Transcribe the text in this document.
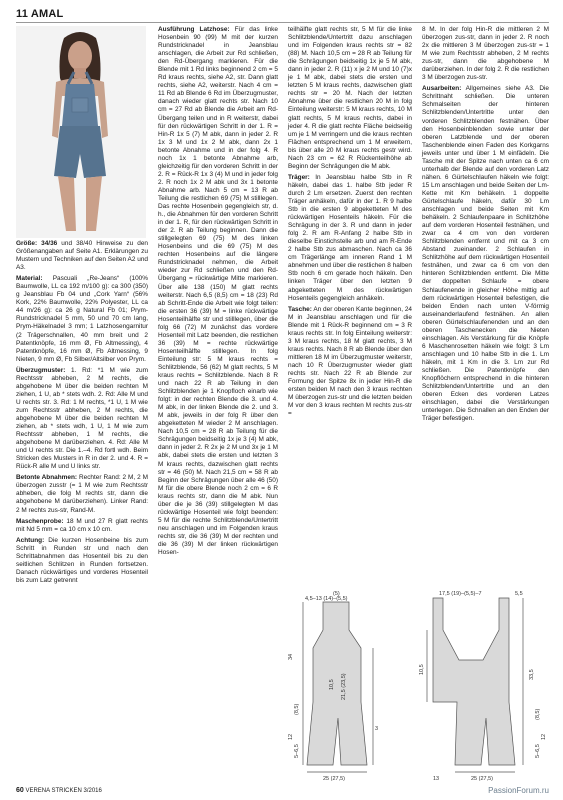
11 AMAL

Größe: 34/36 und 38/40 Hinweise zu den Größenangaben auf Seite A1. Erklärungen zu Mustern und Techniken auf den Seiten A2 und A3.

Material: Pascuali „Re-Jeans“ (100% Baumwolle, LL ca 192 m/100 g): ca 300 (350) g Jeansblau Fb 04 und „Cork Yarn“ (56% Kork, 22% Baumwolle, 22% Polyester, LL ca 44 m/26 g): ca 26 g Natural Fb 01; Prym-Rundstricknadel 5 mm, 50 und 70 cm lang, Prym-Häkelnadel 3 mm; 1 Latzhosengarnitur (2 Trägerschnallen, 40 mm breit und 2 Patentknöpfe, 16 mm Ø, Fb Altmessing), 4 Patentknöpfe, 16 mm Ø, Fb Altmessing, 9 Nieten, 9 mm Ø, Fb Silber/Altsilber von Prym.

Überzugmuster: 1. Rd: *1 M wie zum Rechtsstr abheben, 2 M rechts, die abgehobene M über die beiden rechten M ziehen, 1 U, ab * stets wdh. 2. Rd: Alle M und U rechts str. 3. Rd: 1 M rechts, *1 U, 1 M wie zum Rechtsstr abheben, 2 M rechts, die abgehobene M über die beiden rechten M ziehen, ab * stets wdh, 1 U, 1 M wie zum Rechtsstr abheben, 1 M rechts, die abgehobene M darüberziehen. 4. Rd: Alle M und U rechts str. Die 1.–4. Rd fortl wdh. Beim Stricken des Musters in R in der 2. und 4. R = Rück-R alle M und U links str.

Betonte Abnahmen: Rechter Rand: 2 M, 2 M überzogen zusstr (= 1 M wie zum Rechtsstr abheben, die folg M rechts str, dann die abgehobene M darüberziehen). Linker Rand: 2 M rechts zus-str, Rand-M.

Maschenprobe: 18 M und 27 R glatt rechts mit Nd 5 mm = ca 10 cm x 10 cm.

Achtung: Die kurzen Hosenbeine bis zum Schritt in Runden str und nach den Schrittabnahmen das Hosenteil bis zu den seitlichen Schlitzen in Runden fortsetzen. Danach rückwärtiges und vorderes Hosenteil bis zum Latz getrennt

Ausführung Latzhose: Für das linke Hosenbein 90 (99) M mit der kurzen Rundstricknadel in Jeansblau anschlagen, die Arbeit zur Rd schließen, den Rd-Übergang markieren. Für die Blende mit 1 Rd links beginnend 2 cm = 5 Rd kraus rechts, siehe A2, str. Dann glatt rechts, siehe A2, weiterstr. Nach 4 cm = 11 Rd ab Blende 6 Rd im Überzugmuster, danach wieder glatt rechts str. Nach 10 cm = 27 Rd ab Blende die Arbeit am Rd-Übergang teilen und in R weiterstr, dabei für den rückwärtigen Schritt in der 1. R = Hin-R 1x 5 (7) M abk, dann in jeder 2. R 1x 3 M und 1x 2 M abk, dann 2x 1 betonte Abnahme und in der folg 4. R noch 1x 1 betonte Abnahme arb, gleichzeitig für den vorderen Schritt in der 2. R = Rück-R 1x 3 (4) M und in jeder folg 2. R noch 1x 2 M abk und 3x 1 betonte Abnahme arb. Nach 5 cm = 13 R ab Teilung die restlichen 69 (75) M stilllegen. Das rechte Hosenbein gegengleich str, d. h., die Abnahmen für den vorderen Schritt in der 1. R, für den rückwärtigen Schritt in der 2. R ab Teilung beginnen. Dann die stillgelegten 69 (75) M des linken Hosenbeins und die 69 (75) M des rechten Hosenbeins auf die längere Rundstricknadel nehmen, die Arbeit wieder zur Rd schließen und den Rd-Übergang = rückwärtige Mitte markieren. Über alle 138 (150) M glatt rechts weiterstr. Nach 6,5 (8,5) cm = 18 (23) Rd ab Schritt-Ende die Arbeit wie folgt teilen: die ersten 36 (39) M = linke rückwärtige Hosenteilhälfte str und stilllegen, über die folg 66 (72) M zunächst das vordere Hosenteil mit Latz beenden, die restlichen 36 (39) M = rechte rückwärtige Hosenteilhälfte stilllegen. In folg Einteilung str: 5 M kraus rechts = Schlitzblende, 56 (62) M glatt rechts, 5 M kraus rechts = Schlitzblende. Nach 8 R und nach 22 R ab Teilung in den Schlitzblenden je 1 Knopfloch einarb wie folgt: in der rechten Blende die 3. und 4. M abk, in der linken Blende die 2. und 3. M abk, jeweils in der folg R über den abgeketteten M wieder 2 M anschlagen. Nach 10,5 cm = 28 R ab Teilung für die Schrägungen beidseitig 1x je 3 (4) M abk, dann in jeder 2. R 2x je 2 M und 3x je 1 M abk, dabei stets die ersten und letzten 3 M kraus rechts, dazwischen glatt rechts str = 46 (50) M. Nach 21,5 cm = 58 R ab Beginn der Schrägungen über alle 46 (50) M für die obere Blende noch 2 cm = 6 R kraus rechts str, dann die M abk. Nun über die je 36 (39) stillgelegten M das rückwärtige Hosenteil wie folgt beenden: 5 M für die rechte Schlitzblende/Untertritt neu anschlagen und im Folgenden kraus rechts str, die 36 (39) M der rechten und die 36 (39) M der linken rückwärtigen Hosen-

teilhälfte glatt rechts str, 5 M für die linke Schlitzblende/Untertritt dazu anschlagen und im Folgenden kraus rechts str = 82 (88) M. Nach 10,5 cm = 28 R ab Teilung für die Schrägungen beidseitig 1x je 5 M abk, dann in jeder 2. R (11) x je 2 M und 10 (7)x je 1 M abk, dabei stets die ersten und letzten 5 M kraus rechts, dazwischen glatt rechts str = 20 M. Nach der letzten Abnahme über die restlichen 20 M in folg Einteilung weiterstr: 5 M kraus rechts, 10 M glatt rechts, 5 M kraus rechts, dabei in jeder 4. R die glatt rechte Fläche beidseitig um je 1 M verringern und die kraus rechten Flächen entsprechend um 1 M erweitern, bis über alle 20 M kraus rechts gestr wird. Nach 23 cm = 62 R Rückenteilhöhe ab Beginn der Schrägungen die M abk.

Träger: In Jeansblau halbe Stb in R häkeln, dabei das 1. halbe Stb jeder R durch 2 Lm ersetzen. Zuerst den rechten Träger anhäkeln, dafür in der 1. R 9 halbe Stb in die ersten 9 abgeketteten M des rückwärtigen Hosenteils häkeln. Für die Schrägung in der 3. R und dann in jeder folg 2. R am R-Anfang 2 halbe Stb in dieselbe Einstichstelle arb und am R-Ende 2 halbe Stb zus abmaschen. Nach ca 36 cm Trägerlänge am inneren Rand 1 M abnehmen und über die restlichen 8 halben Stb noch 6 cm gerade hoch häkeln. Den linken Träger über den letzten 9 abgeketteten M des rückwärtigen Hosenteils gegengleich anhäkeln.

Tasche: An der oberen Kante beginnen, 24 M in Jeansblau anschlagen und für die Blende mit 1 Rück-R beginnend cm = 3 R kraus rechts str. In folg Einteilung weiterstr: 3 M kraus rechts, 18 M glatt rechts, 3 M kraus rechts. Nach 8 R ab Blende über den mittleren 18 M im Überzugmuster weiterstr, nach 10 R Überzugmuster wieder glatt rechts str. Nach 22 R ab Blende zur Formung der Spitze 8x in jeder Hin-R die ersten beiden M nach den 3 kraus rechten M überzogen zus-str und die letzten beiden M vor den 3 kraus rechten M rechts zus-str =

8 M. In der folg Hin-R die mittleren 2 M überzogen zus-str, dann in jeder 2. R noch 2x die mittleren 3 M überzogen zus-str = 1 M wie zum Rechtsstr abheben, 2 M rechts zus-str, dann die abgehobene M darüberziehen. In der folg 2. R die restlichen 3 M überzogen zus-str.

Ausarbeiten: Allgemeines siehe A3. Die Schrittnaht schließen. Die unteren Schmalseiten der hinteren Schlitzblenden/Untertritte unter den vorderen Schlitzblenden festnähen. Über den Hosenbeinblenden sowie unter der oberen Latzblende und der oberen Taschenblende einen Faden des Korkgarns jeweils unter und über 1 M einfädeln. Die Tasche mit der Spitze nach unten ca 6 cm unterhalb der Blende auf den vorderen Latz nähen. 6 Gürtelschlaufen häkeln wie folgt: 15 Lm anschlagen und beide Seiten der Lm-Kette mit Km behäkeln. 1 doppelte Gürtelschlaufe häkeln, dafür 30 Lm anschlagen und beide Seiten mit Km behäkeln. 2 Schlaufenpaare in Schlitzhöhe auf dem vorderen Hosenteil festnähen, und zwar ca 4 cm von den vorderen Schlitzblenden entfernt und mit ca 3 cm Abstand zueinander. 2 Schlaufen in Schlitzhöhe auf dem rückwärtigen Hosenteil festnähen, und zwar ca 6 cm von den hinteren Schlitzblenden entfernt. Die Mitte der doppelten Schlaufe = obere Schlaufenende in gleicher Höhe mittig auf dem rückwärtigen Hosenteil befestigen, die beiden Enden nach unten V-förmig auseinanderlaufend festnähen. An allen oberen Gürtelschlaufenenden und an den oberen Taschenecken die Nieten einschlagen. Als Verstärkung für die Knöpfe 6 Maschenrosetten häkeln wie folgt: 3 Lm anschlagen und 10 halbe Stb in die 1. Lm häkeln, mit 1 Km in die 3. Lm zur Rd schließen. Die Patentknöpfe den Knopflöchern entsprechend in die hinteren Schlitzblenden/Untertritte und an den oberen Ecken des vorderen Latzes einschlagen, dabei die Verstärkungen unterlegen. Die Schnallen an den Enden der Träger befestigen.

(5)
4,5–13 (14)–(5,5)
34
10,5 21,5 (23,5)
12
(8,5)
5–6,5
3
25 (27,5)
17,5 (19)–(5,5)–7	5,5
10,5	33,5
(8,5)
5–6,5
12
13	25 (27,5)
60 VERENA STRICKEN 3/2016	PassionForum.ru
